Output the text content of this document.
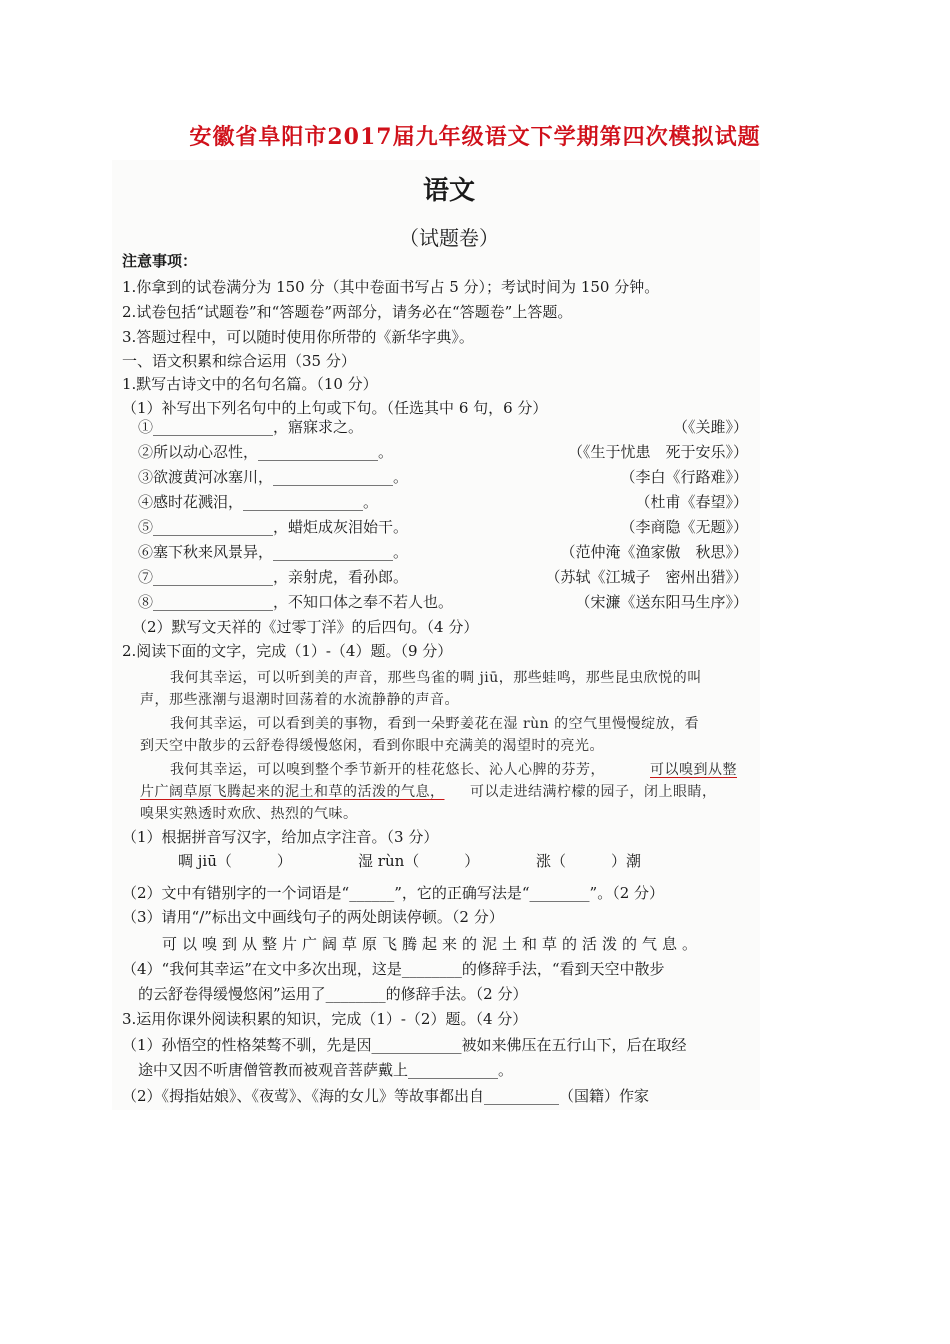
安徽省阜阳市2017届九年级语文下学期第四次模拟试题
语文
（试题卷）
注意事项：
1.你拿到的试卷满分为 150 分（其中卷面书写占 5 分）；考试时间为 150 分钟。
2.试卷包括“试题卷”和“答题卷”两部分，请务必在“答题卷”上答题。
3.答题过程中，可以随时使用你所带的《新华字典》。
一、语文积累和综合运用（35 分）
1.默写古诗文中的名句名篇。（10 分）
（1）补写出下列名句中的上句或下句。（任选其中 6 句，6 分）
①________________，寤寐求之。	（《关雎》）
②所以动心忍性，________________。	（《生于忧患　死于安乐》）
③欲渡黄河冰塞川，________________。	（李白《行路难》）
④感时花溅泪，________________。	（杜甫《春望》）
⑤________________，蜡炬成灰泪始干。	（李商隐《无题》）
⑥塞下秋来风景异，________________。	（范仲淹《渔家傲　秋思》）
⑦________________，亲射虎，看孙郎。	（苏轼《江城子　密州出猎》）
⑧________________，不知口体之奉不若人也。	（宋濂《送东阳马生序》）
（2）默写文天祥的《过零丁洋》的后四句。（4 分）
2.阅读下面的文字，完成（1）-（4）题。（9 分）
我何其幸运，可以听到美的声音，那些鸟雀的啁 jiū，那些蛙鸣，那些昆虫欣悦的叫
声，那些涨潮与退潮时回荡着的水流静静的声音。
我何其幸运，可以看到美的事物，看到一朵野姜花在湿 rùn 的空气里慢慢绽放，看
到天空中散步的云舒卷得缓慢悠闲，看到你眼中充满美的渴望时的亮光。
我何其幸运，可以嗅到整个季节新开的桂花悠长、沁人心脾的芬芳，	可以嗅到从整
片广阔草原飞腾起来的泥土和草的活泼的气息， 可以走进结满柠檬的园子，闭上眼睛，
嗅果实熟透时欢欣、热烈的气味。
（1）根据拼音写汉字，给加点字注音。（3 分）
啁 jiū（　　　）	湿 rùn（　　　）	涨（　　　）潮
（2）文中有错别字的一个词语是“______”，它的正确写法是“________”。（2 分）
（3）请用“/”标出文中画线句子的两处朗读停顿。（2 分）
可以嗅到从整片广阔草原飞腾起来的泥土和草的活泼的气息。
（4）“我何其幸运”在文中多次出现，这是________的修辞手法，“看到天空中散步
的云舒卷得缓慢悠闲”运用了________的修辞手法。（2 分）
3.运用你课外阅读积累的知识，完成（1）-（2）题。（4 分）
（1）孙悟空的性格桀骜不驯，先是因____________被如来佛压在五行山下，后在取经
途中又因不听唐僧管教而被观音菩萨戴上____________。
（2）《拇指姑娘》、《夜莺》、《海的女儿》等故事都出自__________（国籍）作家
